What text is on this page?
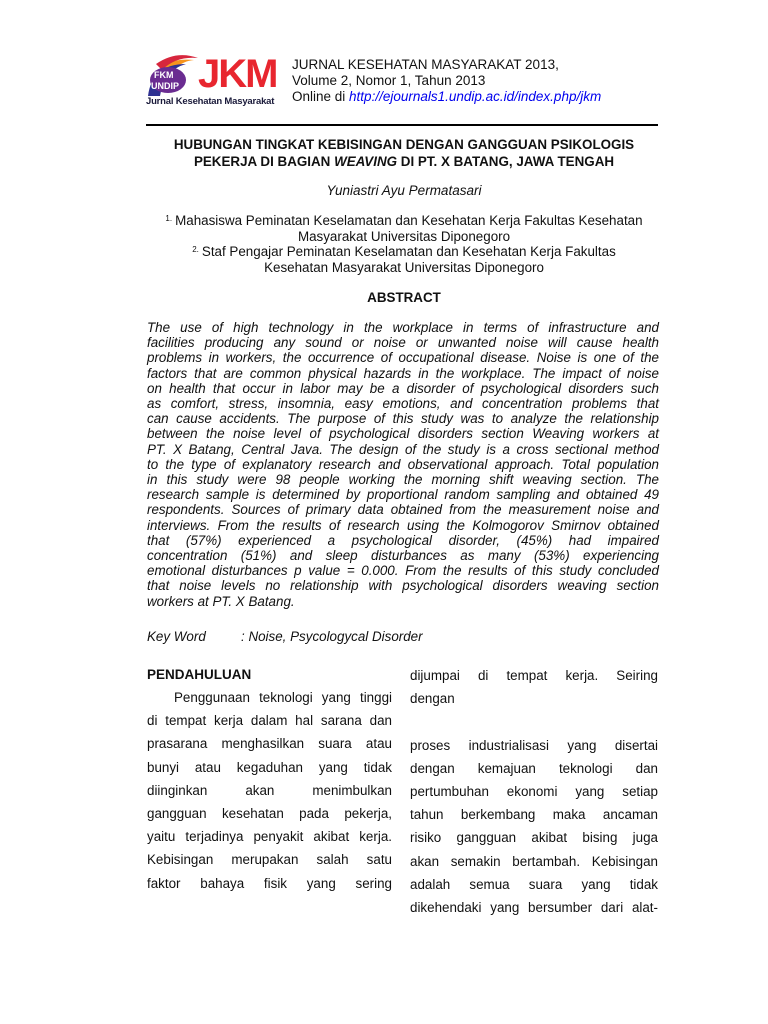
FKM
UNDIP JKM
Jurnal Kesehatan Masyarakat
JURNAL KESEHATAN MASYARAKAT 2013,
Volume 2, Nomor 1, Tahun 2013
Online di http://ejournals1.undip.ac.id/index.php/jkm
HUBUNGAN TINGKAT KEBISINGAN DENGAN GANGGUAN PSIKOLOGIS
PEKERJA DI BAGIAN WEAVING DI PT. X BATANG, JAWA TENGAH
Yuniastri Ayu Permatasari
$^{1.}$ Mahasiswa Peminatan Keselamatan dan Kesehatan Kerja Fakultas Kesehatan
Masyarakat Universitas Diponegoro
$^{2.}$ Staf Pengajar Peminatan Keselamatan dan Kesehatan Kerja Fakultas
Kesehatan Masyarakat Universitas Diponegoro
ABSTRACT
The use of high technology in the workplace in terms of infrastructure and
facilities producing any sound or noise or unwanted noise will cause health
problems in workers, the occurrence of occupational disease. Noise is one of the
factors that are common physical hazards in the workplace. The impact of noise
on health that occur in labor may be a disorder of psychological disorders such
as comfort, stress, insomnia, easy emotions, and concentration problems that
can cause accidents. The purpose of this study was to analyze the relationship
between the noise level of psychological disorders section Weaving workers at
PT. X Batang, Central Java. The design of the study is a cross sectional method
to the type of explanatory research and observational approach. Total population
in this study were 98 people working the morning shift weaving section. The
research sample is determined by proportional random sampling and obtained 49
respondents. Sources of primary data obtained from the measurement noise and
interviews. From the results of research using the Kolmogorov Smirnov obtained
that (57%) experienced a psychological disorder, (45%) had impaired
concentration (51%) and sleep disturbances as many (53%) experiencing
emotional disturbances p value = 0.000. From the results of this study concluded
that noise levels no relationship with psychological disorders weaving section
workers at PT. X Batang.
Key Word	: Noise, Psycologycal Disorder
PENDAHULUAN
Penggunaan teknologi yang tinggi
di tempat kerja dalam hal sarana dan
prasarana menghasilkan suara atau
bunyi atau kegaduhan yang tidak
diinginkan akan menimbulkan
gangguan kesehatan pada pekerja,
yaitu terjadinya penyakit akibat kerja.
Kebisingan merupakan salah satu
faktor bahaya fisik yang sering
dijumpai di tempat kerja. Seiring
dengan
proses industrialisasi yang disertai
dengan kemajuan teknologi dan
pertumbuhan ekonomi yang setiap
tahun berkembang maka ancaman
risiko gangguan akibat bising juga
akan semakin bertambah. Kebisingan
adalah semua suara yang tidak
dikehendaki yang bersumber dari alat-
